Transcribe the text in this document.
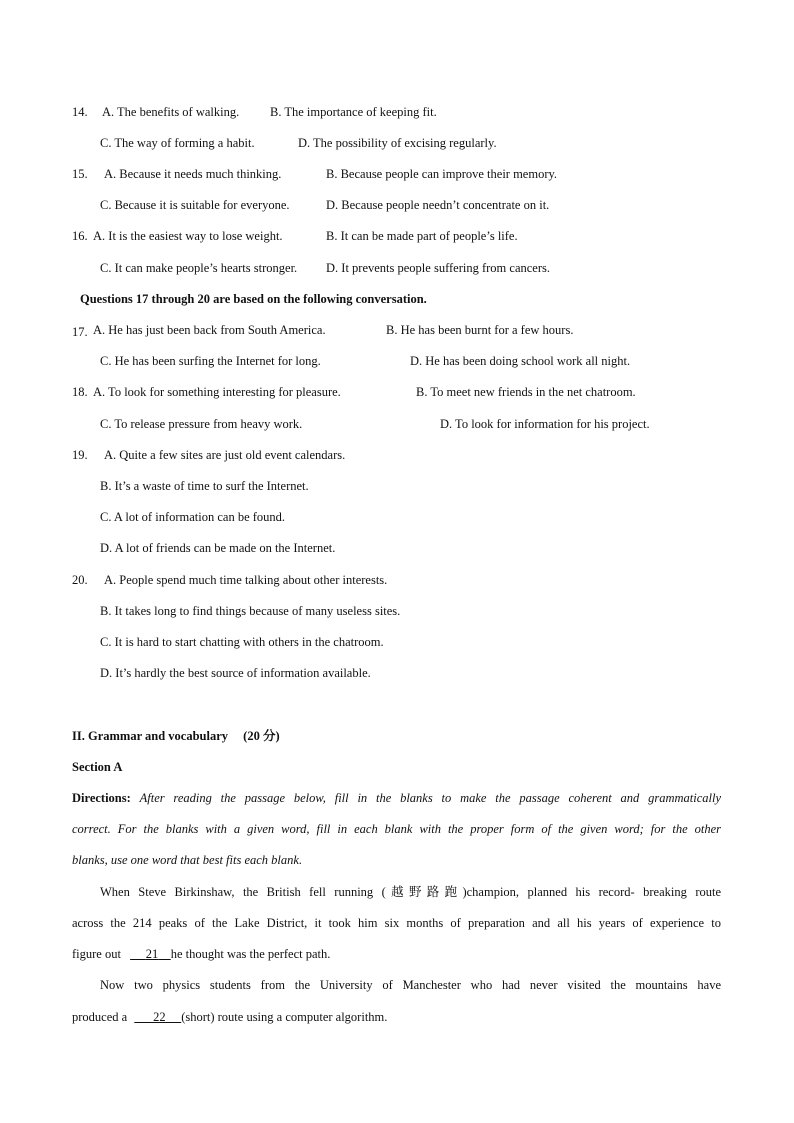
14. A. The benefits of walking. B. The importance of keeping fit.
C. The way of forming a habit.	D. The possibility of excising regularly.
15. A. Because it needs much thinking.	B. Because people can improve their memory.
C. Because it is suitable for everyone.	D. Because people needn’t concentrate on it.
16. A. It is the easiest way to lose weight.	B. It can be made part of people’s life.
C. It can make people’s hearts stronger. D. It prevents people suffering from cancers.
Questions 17 through 20 are based on the following conversation.
17. A. He has just been back from South America.	B. He has been burnt for a few hours.
C. He has been surfing the Internet for long.	D. He has been doing school work all night.
18. A. To look for something interesting for pleasure.	B. To meet new friends in the net chatroom.
C. To release pressure from heavy work.	D. To look for information for his project.
19. A. Quite a few sites are just old event calendars.
B. It’s a waste of time to surf the Internet.
C. A lot of information can be found.
D. A lot of friends can be made on the Internet.
20. A. People spend much time talking about other interests.
B. It takes long to find things because of many useless sites.
C. It is hard to start chatting with others in the chatroom.
D. It’s hardly the best source of information available.
II. Grammar and vocabulary (20 分)
Section A
Directions: After reading the passage below, fill in the blanks to make the passage coherent and grammatically
correct. For the blanks with a given word, fill in each blank with the proper form of the given word; for the other
blanks, use one word that best fits each blank.
When Steve Birkinshaw, the British fell running (越野路跑)champion, planned his record- breaking route
across the 214 peaks of the Lake District, it took him six months of preparation and all his years of experience to
figure out 21 he thought was the perfect path.
Now two physics students from the University of Manchester who had never visited the mountains have
produced a 22 (short) route using a computer algorithm.
